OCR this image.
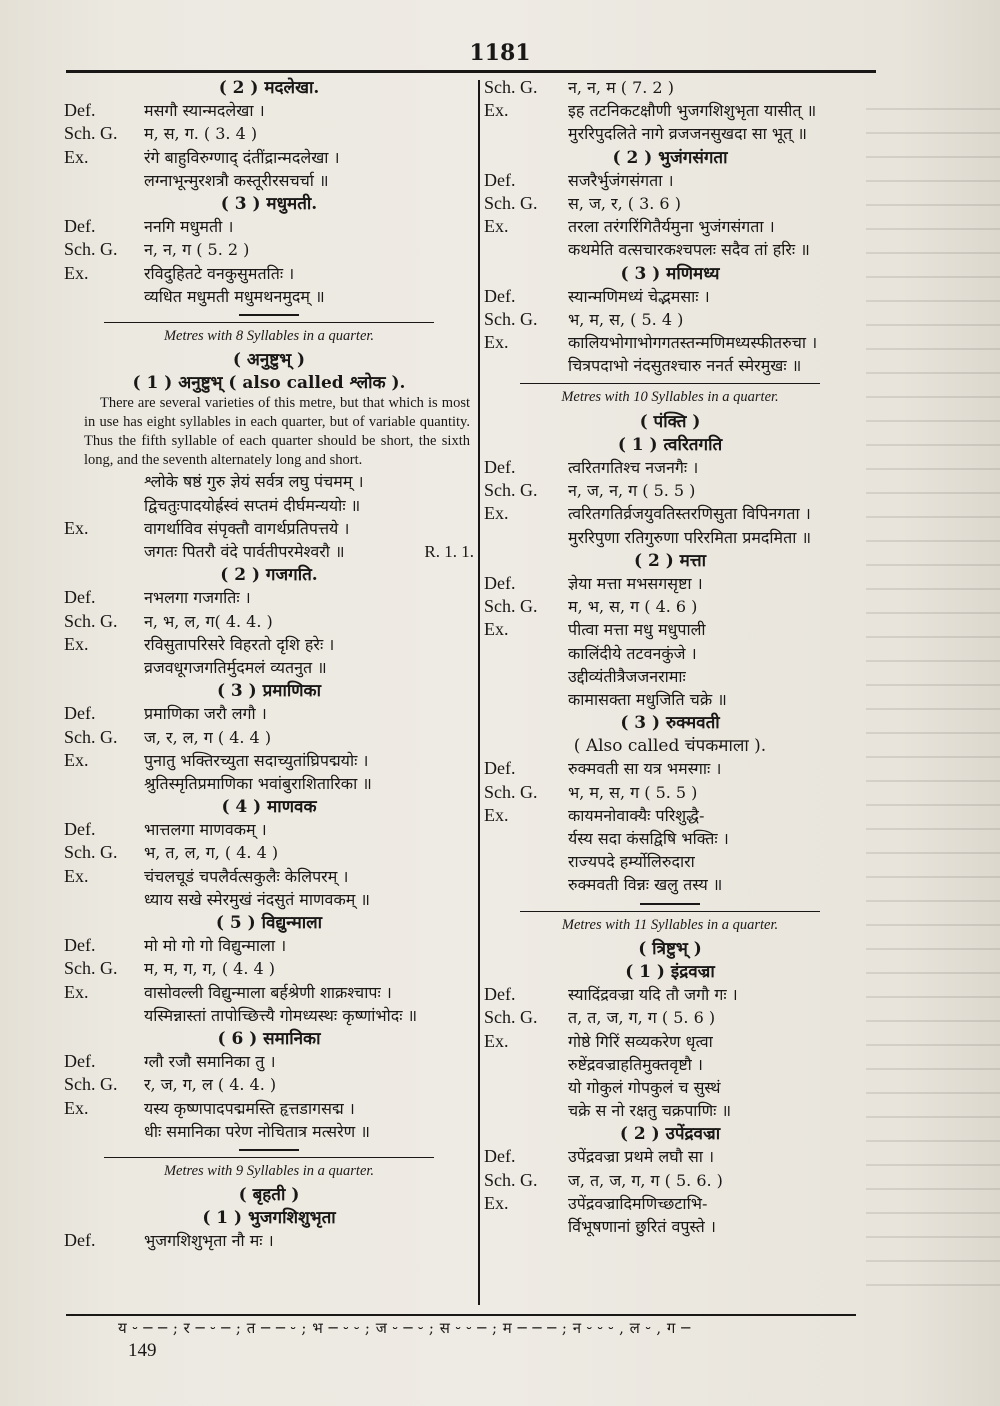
1181
( 2 ) मदलेखा.
Def.	मसगौ स्यान्मदलेखा ।
Sch. G. म, स, ग. ( 3. 4 )
Ex.	रंगे बाहुविरुग्णाद् दंतींद्रान्मदलेखा ।
लग्नाभून्मुरशत्रौ कस्तूरीरसचर्चा ॥
( 3 ) मधुमती.
Def.	ननगि मधुमती ।
Sch. G. न, न, ग ( 5. 2 )
Ex.	रविदुहितटे वनकुसुमततिः ।
व्यधित मधुमती मधुमथनमुदम् ॥
Metres with 8 Syllables in a quarter.
( अनुष्टुभ् )
( 1 ) अनुष्टुभ् ( also called श्लोक ).
There are several varieties of this metre, but that which is most in use has eight syllables in each quarter, but of variable quantity. Thus the fifth syllable of each quarter should be short, the sixth long, and the seventh alternately long and short.
श्लोके षष्ठं गुरु ज्ञेयं सर्वत्र लघु पंचमम् ।
द्विचतुःपादयोर्ह्रस्वं सप्तमं दीर्घमन्ययोः ॥
Ex.	वागर्थाविव संपृक्तौ वागर्थप्रतिपत्तये ।
जगतः पितरौ वंदे पार्वतीपरमेश्वरौ ॥	R. 1. 1.
( 2 ) गजगति.
Def.	नभलगा गजगतिः ।
Sch. G. न, भ, ल, ग( 4. 4. )
Ex.	रविसुतापरिसरे विहरतो दृशि हरेः ।
व्रजवधूगजगतिर्मुदमलं व्यतनुत ॥
( 3 ) प्रमाणिका
Def.	प्रमाणिका जरौ लगौ ।
Sch. G. ज, र, ल, ग ( 4. 4 )
Ex.	पुनातु भक्तिरच्युता सदाच्युतांघ्रिपद्मयोः ।
श्रुतिस्मृतिप्रमाणिका भवांबुराशितारिका ॥
( 4 ) माणवक
Def.	भात्तलगा माणवकम् ।
Sch. G. भ, त, ल, ग, ( 4. 4 )
Ex.	चंचलचूडं चपलैर्वत्सकुलैः केलिपरम् ।
ध्याय सखे स्मेरमुखं नंदसुतं माणवकम् ॥
( 5 ) विद्युन्माला
Def.	मो मो गो गो विद्युन्माला ।
Sch. G. म, म, ग, ग, ( 4. 4 )
Ex.	वासोवल्ली विद्युन्माला बर्हश्रेणी शाक्रश्चापः ।
यस्मिन्नास्तां तापोच्छित्त्यै गोमध्यस्थः कृष्णांभोदः ॥
( 6 ) समानिका
Def.	ग्लौ रजौ समानिका तु ।
Sch. G. र, ज, ग, ल ( 4. 4. )
Ex.	यस्य कृष्णपादपद्ममस्ति हृत्तडागसद्म ।
धीः समानिका परेण नोचितात्र मत्सरेण ॥
Metres with 9 Syllables in a quarter.
( बृहती )
( 1 ) भुजगशिशुभृता
Def.	भुजगशिशुभृता नौ मः ।
Sch. G. न, न, म ( 7. 2 )
Ex.	इह तटनिकटक्षौणी भुजगशिशुभृता यासीत् ॥
मुररिपुदलिते नागे व्रजजनसुखदा सा भूत् ॥
( 2 ) भुजंगसंगता
Def.	सजरैर्भुजंगसंगता ।
Sch. G. स, ज, र, ( 3. 6 )
Ex.	तरला तरंगरिंगितैर्यमुना भुजंगसंगता ।
कथमेति वत्सचारकश्चपलः सदैव तां हरिः ॥
( 3 ) मणिमध्य
Def.	स्यान्मणिमध्यं चेद्भमसाः ।
Sch. G. भ, म, स, ( 5. 4 )
Ex.	कालियभोगाभोगगतस्तन्मणिमध्यस्फीतरुचा ।
चित्रपदाभो नंदसुतश्चारु ननर्त स्मेरमुखः ॥
Metres with 10 Syllables in a quarter.
( पंक्ति )
( 1 ) त्वरितगति
Def.	त्वरितगतिश्च नजनगैः ।
Sch. G. न, ज, न, ग ( 5. 5 )
Ex.	त्वरितगतिर्व्रजयुवतिस्तरणिसुता विपिनगता ।
मुररिपुणा रतिगुरुणा परिरमिता प्रमदमिता ॥
( 2 ) मत्ता
Def.	ज्ञेया मत्ता मभसगसृष्टा ।
Sch. G. म, भ, स, ग ( 4. 6 )
Ex.	पीत्वा मत्ता मधु मधुपाली
कालिंदीये तटवनकुंजे ।
उद्दीव्यंतीत्रैजजनरामाः
कामासक्ता मधुजिति चक्रे ॥
( 3 ) रुक्मवती
( Also called चंपकमाला ).
Def.	रुक्मवती सा यत्र भमस्गाः ।
Sch. G. भ, म, स, ग ( 5. 5 )
Ex.	कायमनोवाक्यैः परिशुद्धै-
र्यस्य सदा कंसद्विषि भक्तिः ।
राज्यपदे हर्म्योलिरुदारा
रुक्मवती विन्नः खलु तस्य ॥
Metres with 11 Syllables in a quarter.
( त्रिष्टुभ् )
( 1 ) इंद्रवज्रा
Def.	स्यादिंद्रवज्रा यदि तौ जगौ गः ।
Sch. G. त, त, ज, ग, ग ( 5. 6 )
Ex.	गोष्ठे गिरिं सव्यकरेण धृत्वा
रुष्टेंद्रवज्राहतिमुक्तवृष्टौ ।
यो गोकुलं गोपकुलं च सुस्थं
चक्रे स नो रक्षतु चक्रपाणिः ॥
( 2 ) उपेंद्रवज्रा
Def.	उपेंद्रवज्रा प्रथमे लघौ सा ।
Sch. G. ज, त, ज, ग, ग ( 5. 6. )
Ex.	उपेंद्रवज्रादिमणिच्छटाभि-
र्विभूषणानां छुरितं वपुस्ते ।
य ⏑ ─ ─ ; र ─ ⏑ ─ ; त ─ ─ ⏑ ; भ ─ ⏑ ⏑ ; ज ⏑ ─ ⏑ ; स ⏑ ⏑ ─ ; म ─ ─ ─ ; न ⏑ ⏑ ⏑ , ल ⏑ , ग ─
149
